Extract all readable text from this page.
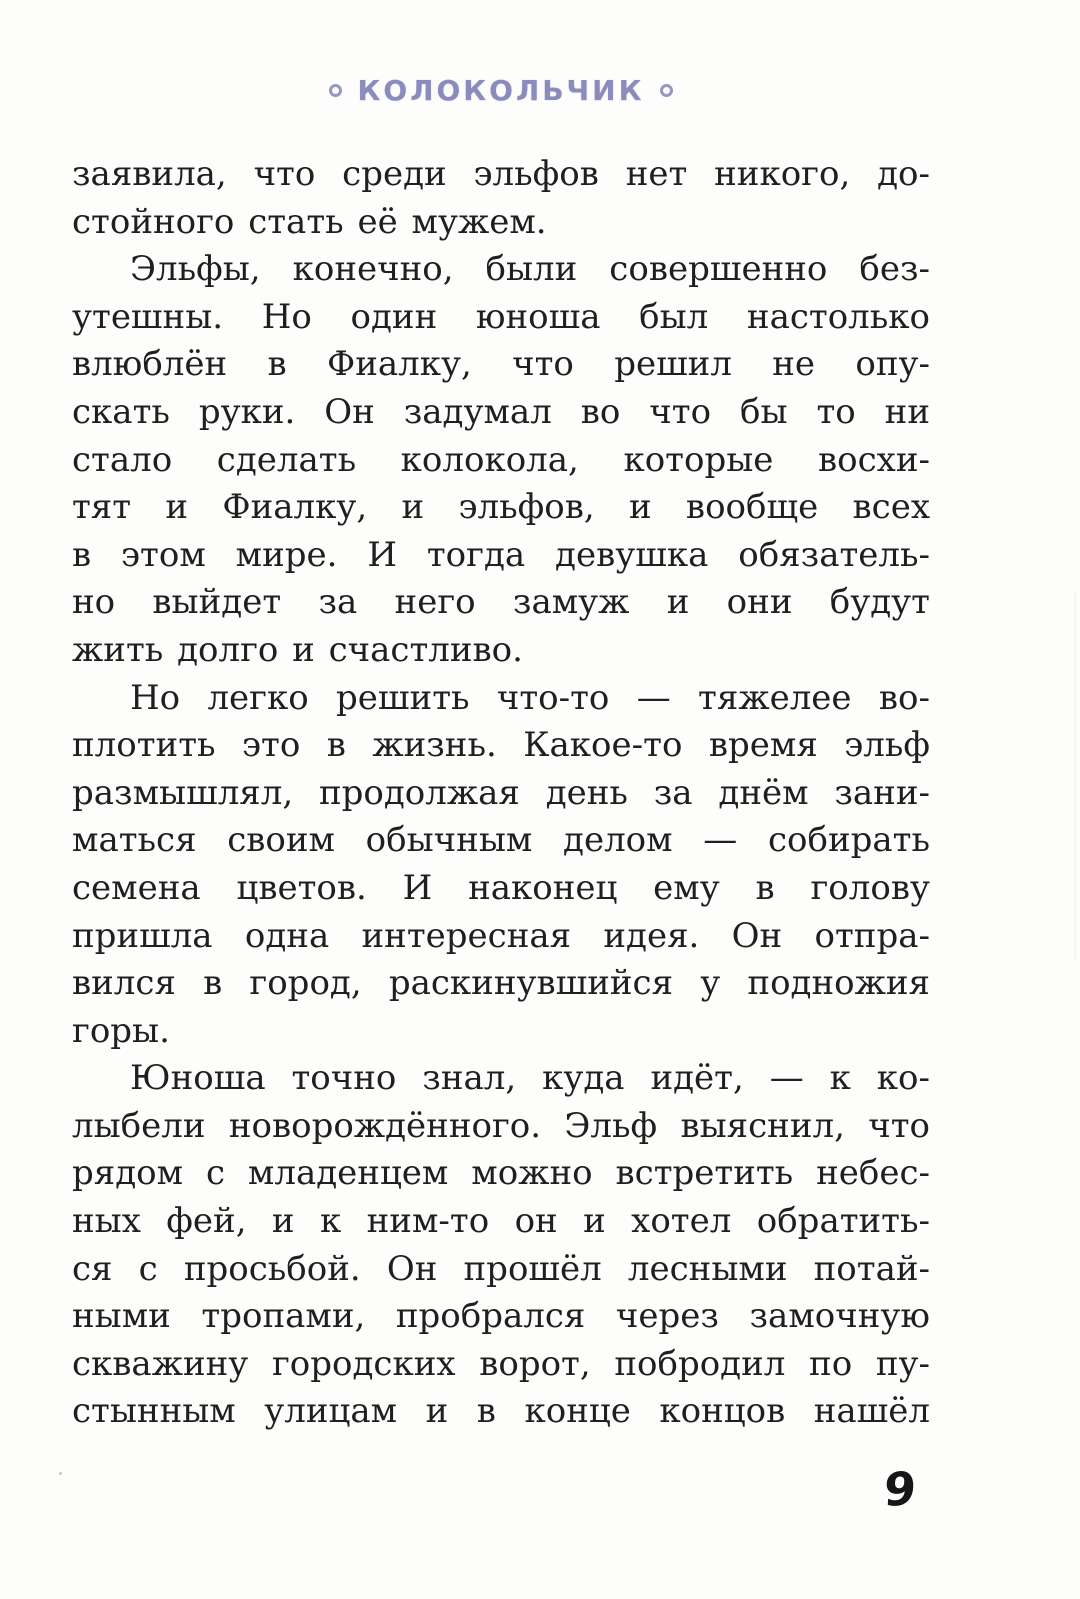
КОЛОКОЛЬЧИК
заявила, что среди эльфов нет никого, до-
стойного стать её мужем.
Эльфы, конечно, были совершенно без-
утешны. Но один юноша был настолько
влюблён в Фиалку, что решил не опу-
скать руки. Он задумал во что бы то ни
стало сделать колокола, которые восхи-
тят и Фиалку, и эльфов, и вообще всех
в этом мире. И тогда девушка обязатель-
но выйдет за него замуж и они будут
жить долго и счастливо.
Но легко решить что-то — тяжелее во-
плотить это в жизнь. Какое-то время эльф
размышлял, продолжая день за днём зани-
маться своим обычным делом — собирать
семена цветов. И наконец ему в голову
пришла одна интересная идея. Он отпра-
вился в город, раскинувшийся у подножия
горы.
Юноша точно знал, куда идёт, — к ко-
лыбели новорождённого. Эльф выяснил, что
рядом с младенцем можно встретить небес-
ных фей, и к ним-то он и хотел обратить-
ся с просьбой. Он прошёл лесными потай-
ными тропами, пробрался через замочную
скважину городских ворот, побродил по пу-
стынным улицам и в конце концов нашёл
9
